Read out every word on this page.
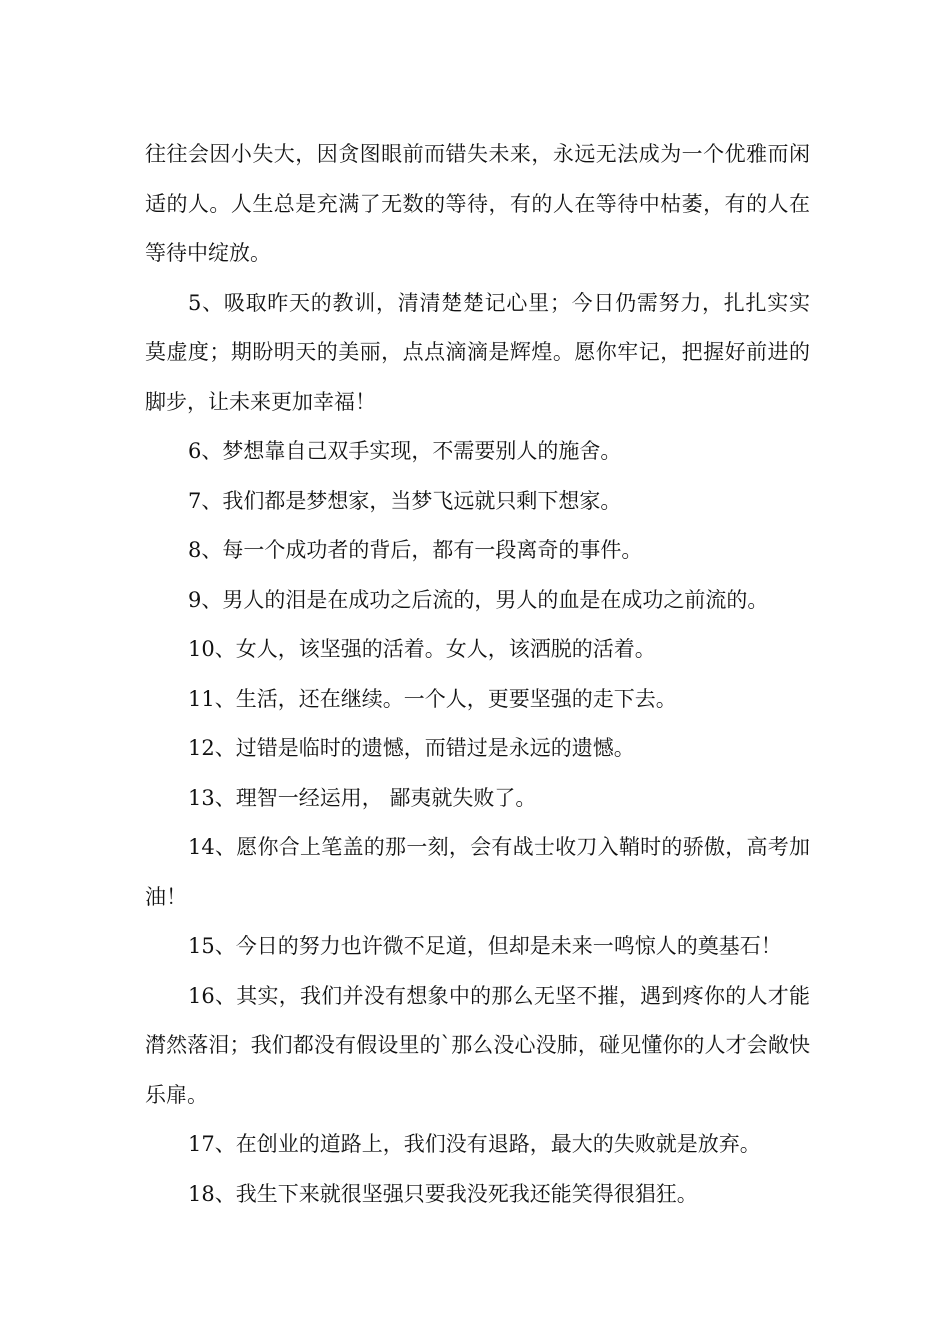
往往会因小失大，因贪图眼前而错失未来，永远无法成为一个优雅而闲适的人。人生总是充满了无数的等待，有的人在等待中枯萎，有的人在等待中绽放。

5、吸取昨天的教训，清清楚楚记心里；今日仍需努力，扎扎实实莫虚度；期盼明天的美丽，点点滴滴是辉煌。愿你牢记，把握好前进的脚步，让未来更加幸福！

6、梦想靠自己双手实现，不需要别人的施舍。

7、我们都是梦想家，当梦飞远就只剩下想家。

8、每一个成功者的背后，都有一段离奇的事件。

9、男人的泪是在成功之后流的，男人的血是在成功之前流的。

10、女人，该坚强的活着。女人，该洒脱的活着。

11、生活，还在继续。一个人，更要坚强的走下去。

12、过错是临时的遗憾，而错过是永远的遗憾。

13、理智一经运用， 鄙夷就失败了。

14、愿你合上笔盖的那一刻，会有战士收刀入鞘时的骄傲，高考加油！

15、今日的努力也许微不足道，但却是未来一鸣惊人的奠基石！

16、其实，我们并没有想象中的那么无坚不摧，遇到疼你的人才能潸然落泪；我们都没有假设里的`那么没心没肺，碰见懂你的人才会敞快乐扉。

17、在创业的道路上，我们没有退路，最大的失败就是放弃。

18、我生下来就很坚强只要我没死我还能笑得很猖狂。
